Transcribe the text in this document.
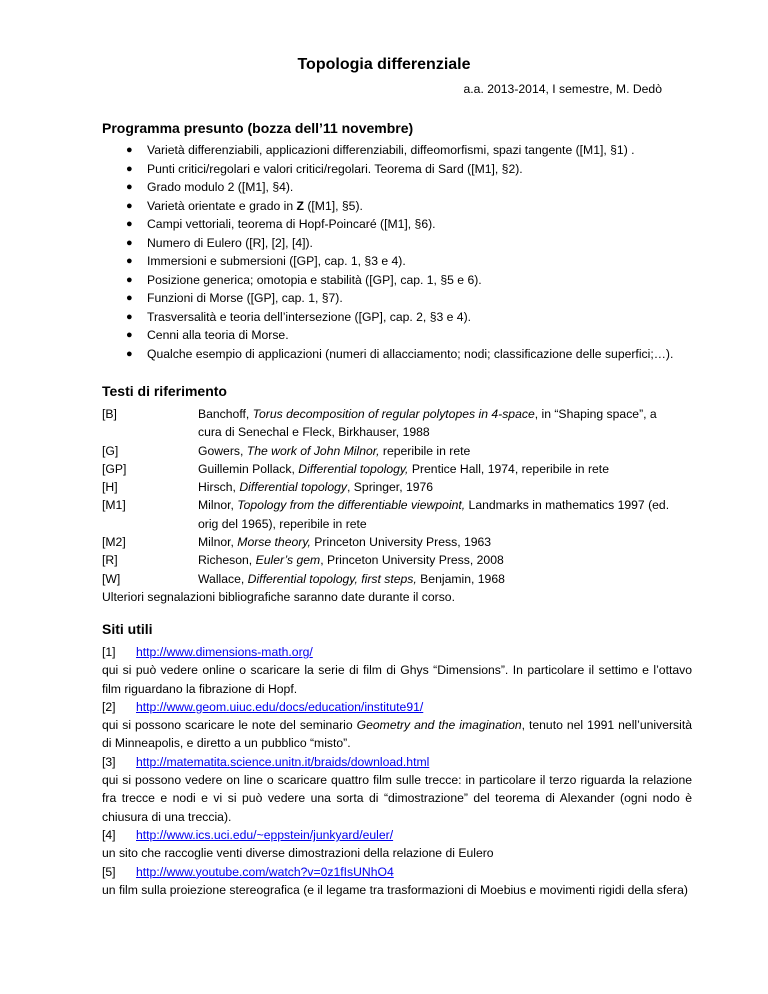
Topologia differenziale
a.a. 2013-2014, I semestre, M. Dedò
Programma presunto (bozza dell’11 novembre)
● Varietà differenziabili, applicazioni differenziabili, diffeomorfismi, spazi tangente ([M1], §1) .
● Punti critici/regolari e valori critici/regolari. Teorema di Sard ([M1], §2).
● Grado modulo 2 ([M1], §4).
● Varietà orientate e grado in Z ([M1], §5).
● Campi vettoriali, teorema di Hopf-Poincaré ([M1], §6).
● Numero di Eulero ([R], [2], [4]).
● Immersioni e submersioni ([GP], cap. 1, §3 e 4).
● Posizione generica; omotopia e stabilità ([GP], cap. 1, §5 e 6).
● Funzioni di Morse ([GP], cap. 1, §7).
● Trasversalità e teoria dell’intersezione ([GP], cap. 2, §3 e 4).
● Cenni alla teoria di Morse.
● Qualche esempio di applicazioni (numeri di allacciamento; nodi; classificazione delle superfici;…).
Testi di riferimento
[B]	Banchoff, Torus decomposition of regular polytopes in 4-space, in “Shaping space”, a cura di Senechal e Fleck, Birkhauser, 1988
[G]	Gowers, The work of John Milnor, reperibile in rete
[GP]	Guillemin Pollack, Differential topology, Prentice Hall, 1974, reperibile in rete
[H]	Hirsch, Differential topology, Springer, 1976
[M1]	Milnor, Topology from the differentiable viewpoint, Landmarks in mathematics 1997 (ed. orig del 1965), reperibile in rete
[M2]	Milnor, Morse theory, Princeton University Press, 1963
[R]	Richeson, Euler’s gem, Princeton University Press, 2008
[W]	Wallace, Differential topology, first steps, Benjamin, 1968
Ulteriori segnalazioni bibliografiche saranno date durante il corso.
Siti utili
[1] http://www.dimensions-math.org/
qui si può vedere online o scaricare la serie di film di Ghys “Dimensions”. In particolare il settimo e l’ottavo film riguardano la fibrazione di Hopf.
[2] http://www.geom.uiuc.edu/docs/education/institute91/
qui si possono scaricare le note del seminario Geometry and the imagination, tenuto nel 1991 nell’università di Minneapolis, e diretto a un pubblico “misto”.
[3] http://matematita.science.unitn.it/braids/download.html
qui si possono vedere on line o scaricare quattro film sulle trecce: in particolare il terzo riguarda la relazione fra trecce e nodi e vi si può vedere una sorta di “dimostrazione” del teorema di Alexander (ogni nodo è chiusura di una treccia).
[4] http://www.ics.uci.edu/~eppstein/junkyard/euler/
un sito che raccoglie venti diverse dimostrazioni della relazione di Eulero
[5] http://www.youtube.com/watch?v=0z1fIsUNhO4
un film sulla proiezione stereografica (e il legame tra trasformazioni di Moebius e movimenti rigidi della sfera)
